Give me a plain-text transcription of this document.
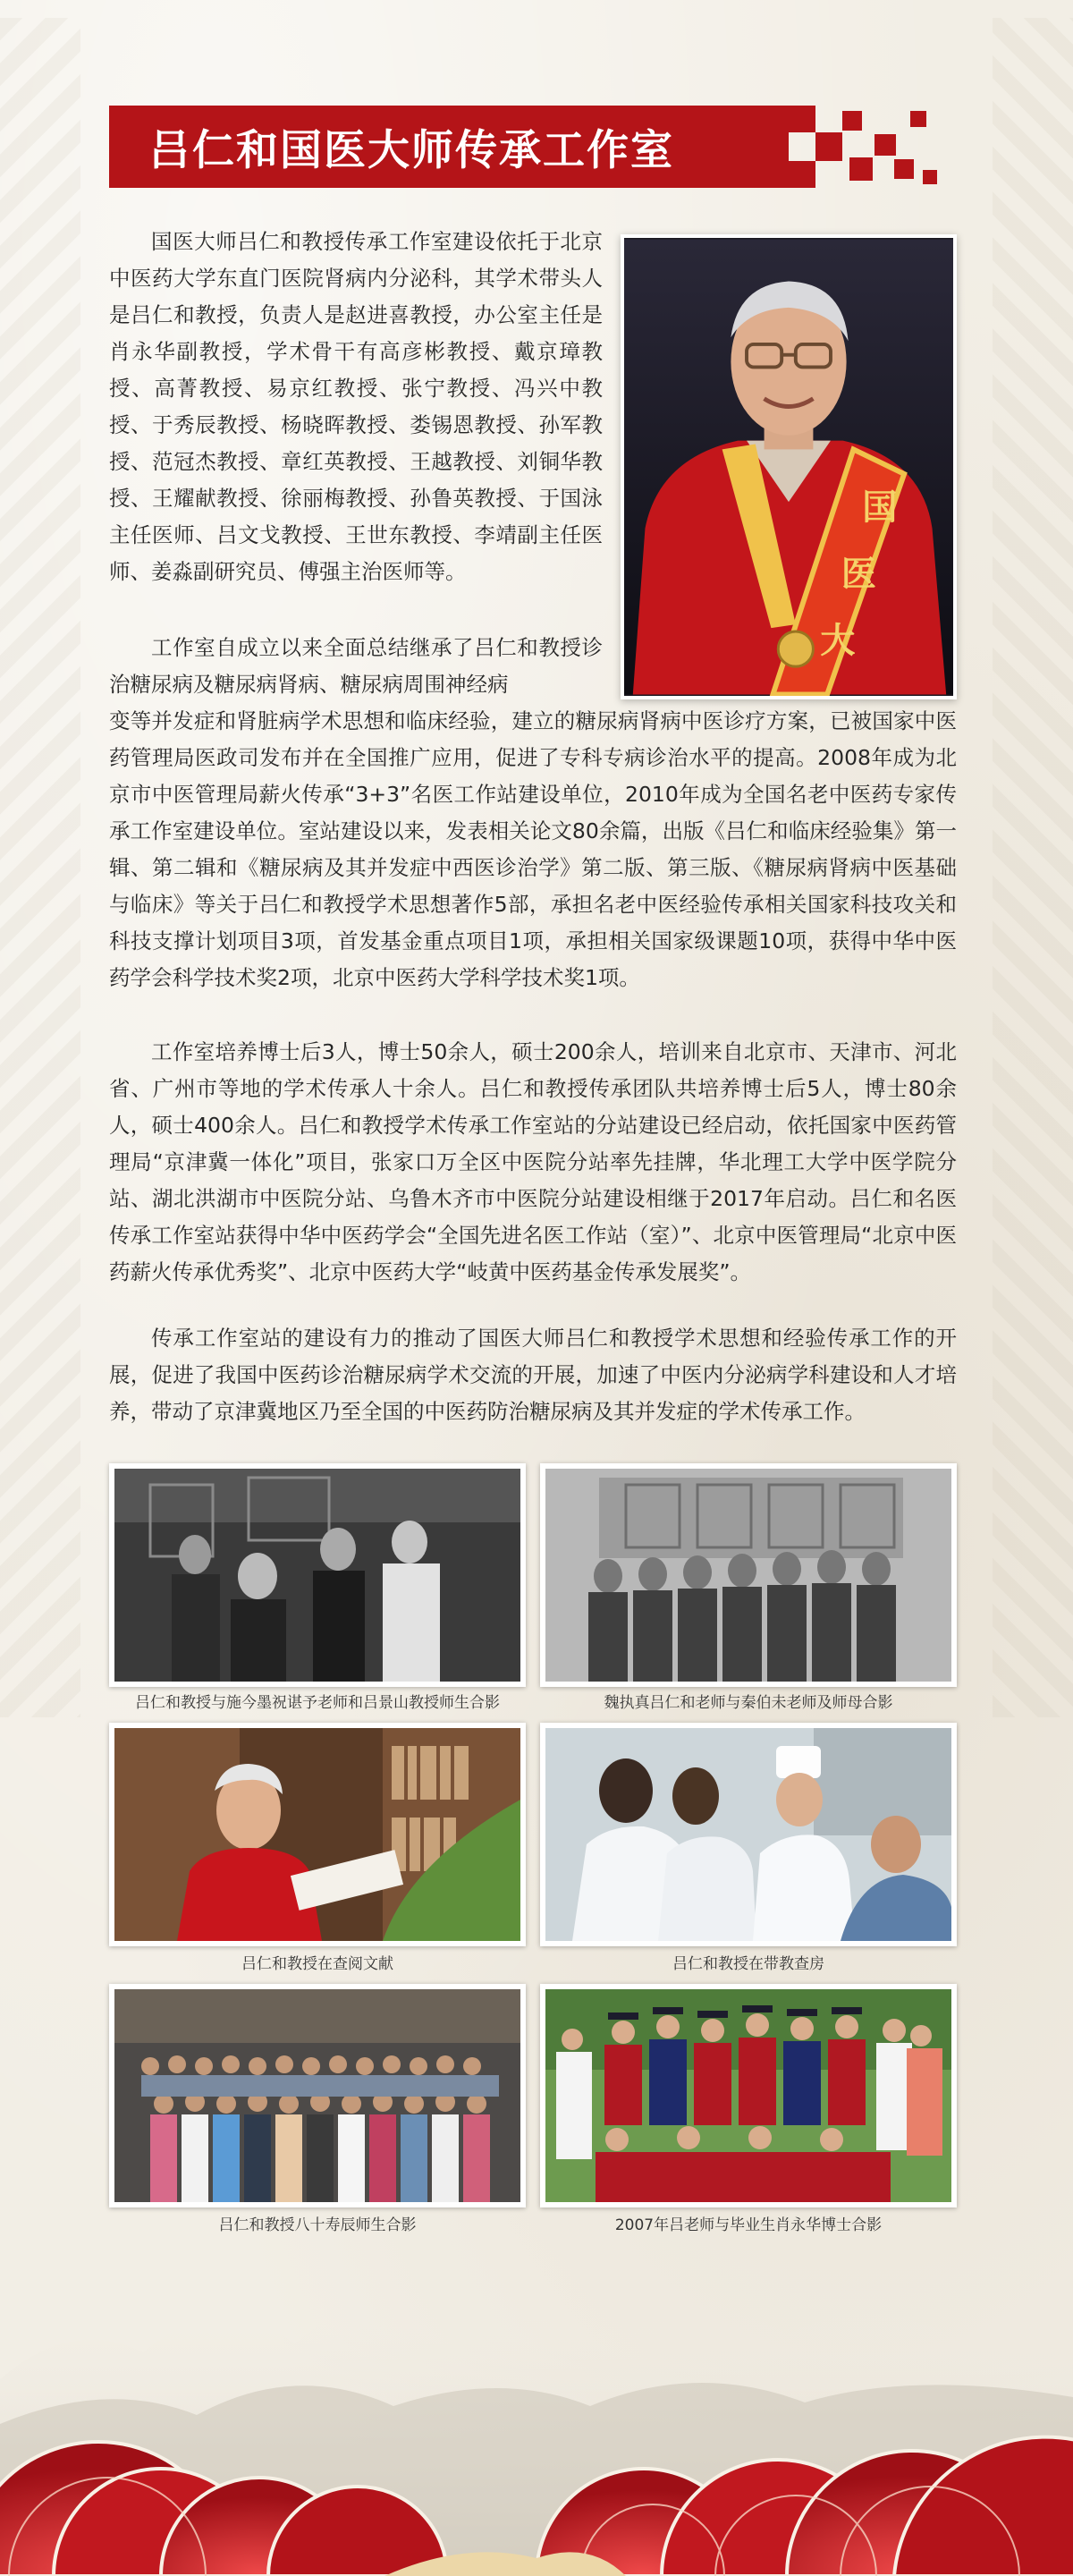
吕仁和国医大师传承工作室
国
医
大

国医大师吕仁和教授传承工作室建设依托于北京中医药大学东直门医院肾病内分泌科，其学术带头人是吕仁和教授，负责人是赵进喜教授，办公室主任是肖永华副教授，学术骨干有高彦彬教授、戴京璋教授、高菁教授、易京红教授、张宁教授、冯兴中教授、于秀辰教授、杨晓晖教授、娄锡恩教授、孙军教授、范冠杰教授、章红英教授、王越教授、刘铜华教授、王耀献教授、徐丽梅教授、孙鲁英教授、于国泳主任医师、吕文戈教授、王世东教授、李靖副主任医师、姜淼副研究员、傅强主治医师等。

工作室自成立以来全面总结继承了吕仁和教授诊治糖尿病及糖尿病肾病、糖尿病周围神经病

变等并发症和肾脏病学术思想和临床经验，建立的糖尿病肾病中医诊疗方案，已被国家中医药管理局医政司发布并在全国推广应用，促进了专科专病诊治水平的提高。2008年成为北京市中医管理局薪火传承“3+3”名医工作站建设单位，2010年成为全国名老中医药专家传承工作室建设单位。室站建设以来，发表相关论文80余篇，出版《吕仁和临床经验集》第一辑、第二辑和《糖尿病及其并发症中西医诊治学》第二版、第三版、《糖尿病肾病中医基础与临床》等关于吕仁和教授学术思想著作5部，承担名老中医经验传承相关国家科技攻关和科技支撑计划项目3项，首发基金重点项目1项，承担相关国家级课题10项，获得中华中医药学会科学技术奖2项，北京中医药大学科学技术奖1项。

工作室培养博士后3人，博士50余人，硕士200余人，培训来自北京市、天津市、河北省、广州市等地的学术传承人十余人。吕仁和教授传承团队共培养博士后5人，博士80余人，硕士400余人。吕仁和教授学术传承工作室站的分站建设已经启动，依托国家中医药管理局“京津冀一体化”项目，张家口万全区中医院分站率先挂牌，华北理工大学中医学院分站、湖北洪湖市中医院分站、乌鲁木齐市中医院分站建设相继于2017年启动。吕仁和名医传承工作室站获得中华中医药学会“全国先进名医工作站（室）”、北京中医管理局“北京中医药薪火传承优秀奖”、北京中医药大学“岐黄中医药基金传承发展奖”。

传承工作室站的建设有力的推动了国医大师吕仁和教授学术思想和经验传承工作的开展，促进了我国中医药诊治糖尿病学术交流的开展，加速了中医内分泌病学科建设和人才培养，带动了京津冀地区乃至全国的中医药防治糖尿病及其并发症的学术传承工作。

吕仁和教授与施今墨祝谌予老师和吕景山教授师生合影	魏执真吕仁和老师与秦伯未老师及师母合影
吕仁和教授在查阅文献	吕仁和教授在带教查房
吕仁和教授八十寿辰师生合影	2007年吕老师与毕业生肖永华博士合影
